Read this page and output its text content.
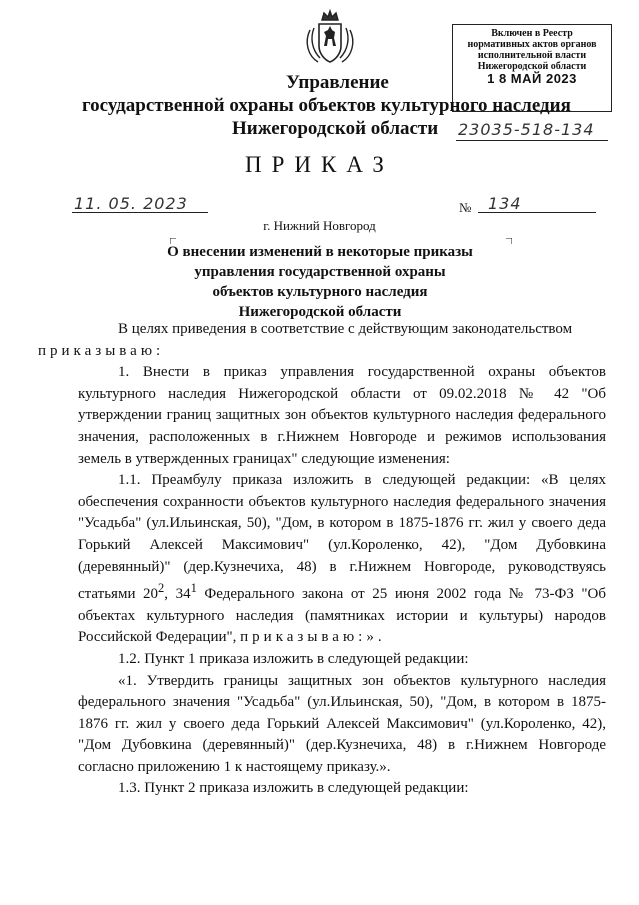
Включен в Реестр
нормативных актов органов
исполнительной власти
Нижегородской области
1 8 МАЙ 2023
Управление
государственной охраны объектов культурного наследия
Нижегородской области 23035-518-134
ПРИКАЗ
11. 05. 2023	№ 134
г. Нижний Новгород
О внесении изменений в некоторые приказы
управления государственной охраны
объектов культурного наследия
Нижегородской области

В целях приведения в соответствие с действующим законодательством
приказываю:

1. Внести в приказ управления государственной охраны объектов культурного наследия Нижегородской области от 09.02.2018 № 42 "Об утверждении границ защитных зон объектов культурного наследия федерального значения, расположенных в г.Нижнем Новгороде и режимов использования земель в утвержденных границах" следующие изменения:

1.1. Преамбулу приказа изложить в следующей редакции: «В целях обеспечения сохранности объектов культурного наследия федерального значения "Усадьба" (ул.Ильинская, 50), "Дом, в котором в 1875-1876 гг. жил у своего деда Горький Алексей Максимович" (ул.Короленко, 42), "Дом Дубовкина (деревянный)" (дер.Кузнечиха, 48) в г.Нижнем Новгороде, руководствуясь статьями $20^2$, $34^1$ Федерального закона от 25 июня 2002 года № 73-ФЗ "Об объектах культурного наследия (памятниках истории и культуры) народов Российской Федерации", приказываю:».

1.2. Пункт 1 приказа изложить в следующей редакции:

«1. Утвердить границы защитных зон объектов культурного наследия федерального значения "Усадьба" (ул.Ильинская, 50), "Дом, в котором в 1875-1876 гг. жил у своего деда Горький Алексей Максимович" (ул.Короленко, 42), "Дом Дубовкина (деревянный)" (дер.Кузнечиха, 48) в г.Нижнем Новгороде согласно приложению 1 к настоящему приказу.».

1.3. Пункт 2 приказа изложить в следующей редакции:
